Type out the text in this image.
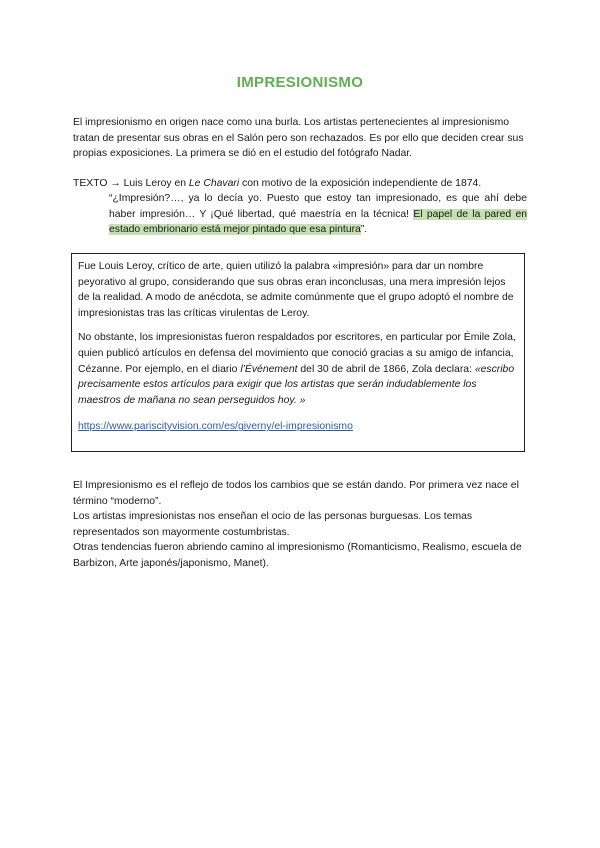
IMPRESIONISMO
El impresionismo en origen nace como una burla. Los artistas pertenecientes al impresionismo tratan de presentar sus obras en el Salón pero son rechazados. Es por ello que deciden crear sus propias exposiciones. La primera se dió en el estudio del fotógrafo Nadar.
TEXTO → Luis Leroy en Le Chavari con motivo de la exposición independiente de 1874.
“¿Impresión?…, ya lo decía yo. Puesto que estoy tan impresionado, es que ahí debe haber impresión… Y ¡Qué libertad, qué maestría en la técnica! El papel de la pared en estado embrionario está mejor pintado que esa pintura”.

Fue Louis Leroy, crítico de arte, quien utilizó la palabra «impresión» para dar un nombre peyorativo al grupo, considerando que sus obras eran inconclusas, una mera impresión lejos de la realidad. A modo de anécdota, se admite comúnmente que el grupo adoptó el nombre de impresionistas tras las críticas virulentas de Leroy.

No obstante, los impresionistas fueron respaldados por escritores, en particular por Émile Zola, quien publicó artículos en defensa del movimiento que conoció gracias a su amigo de infancia, Cézanne. Por ejemplo, en el diario l’Événement del 30 de abril de 1866, Zola declara: «escribo precisamente estos artículos para exigir que los artistas que serán indudablemente los maestros de mañana no sean perseguidos hoy. »

https://www.pariscityvision.com/es/giverny/el-impresionismo
El Impresionismo es el reflejo de todos los cambios que se están dando. Por primera vez nace el término “moderno”.
Los artistas impresionistas nos enseñan el ocio de las personas burguesas. Los temas representados son mayormente costumbristas.
Otras tendencias fueron abriendo camino al impresionismo (Romanticismo, Realismo, escuela de Barbizon, Arte japonés/japonismo, Manet).
